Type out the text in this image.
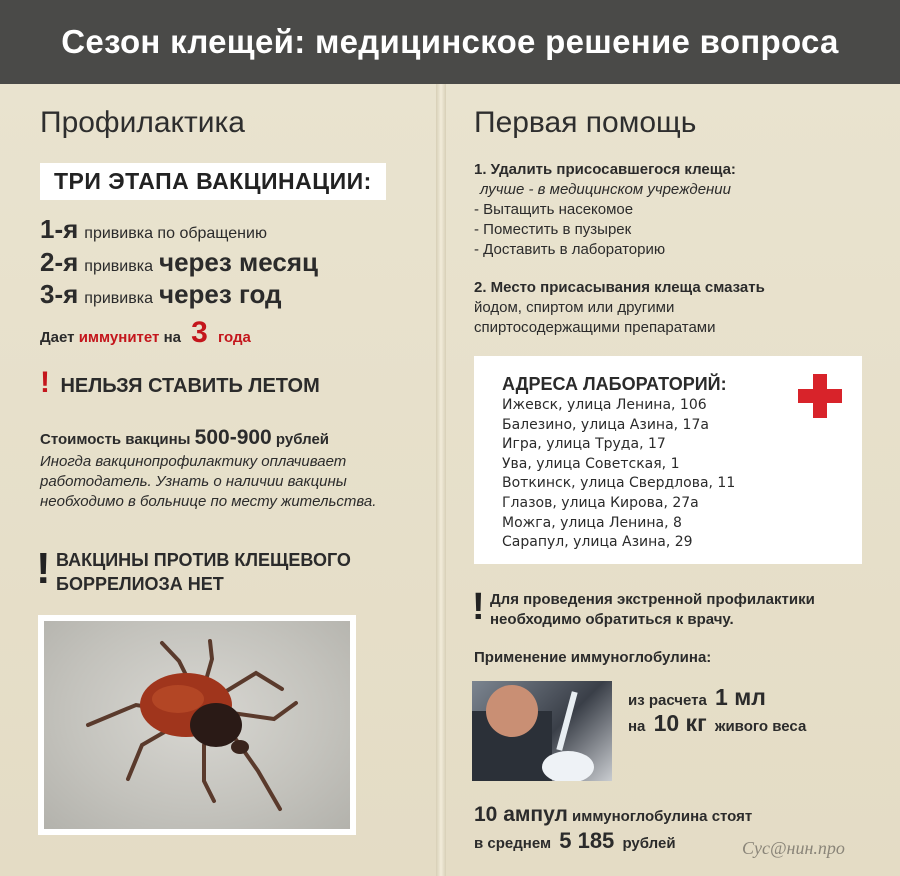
Сезон клещей: медицинское решение вопроса
Профилактика
ТРИ ЭТАПА ВАКЦИНАЦИИ:
1-я прививка по обращению
2-я прививка через месяц
3-я прививка через год
Дает иммунитет на 3 года
! НЕЛЬЗЯ СТАВИТЬ ЛЕТОМ
Стоимость вакцины 500-900 рублей
Иногда вакцинопрофилактику оплачивает работодатель. Узнать о наличии вакцины необходимо в больнице по месту жительства.
! ВАКЦИНЫ ПРОТИВ КЛЕЩЕВОГО
БОРРЕЛИОЗА НЕТ
Первая помощь
1. Удалить присосавшегося клеща:
лучше - в медицинском учреждении
- Вытащить насекомое
- Поместить в пузырек
- Доставить в лабораторию
2. Место присасывания клеща смазать
йодом, спиртом или другими
спиртосодержащими препаратами
АДРЕСА ЛАБОРАТОРИЙ:
Ижевск, улица Ленина, 106
Балезино, улица Азина, 17а
Игра, улица Труда, 17
Ува, улица Советская, 1
Воткинск, улица Свердлова, 11
Глазов, улица Кирова, 27а
Можга, улица Ленина, 8
Сарапул, улица Азина, 29
! Для проведения экстренной профилактики
необходимо обратиться к врачу.
Применение иммуноглобулина:
из расчета 1 мл
на 10 кг живого веса
10 ампул иммуноглобулина стоят
в среднем 5 185 рублей	Сус@нин.про
